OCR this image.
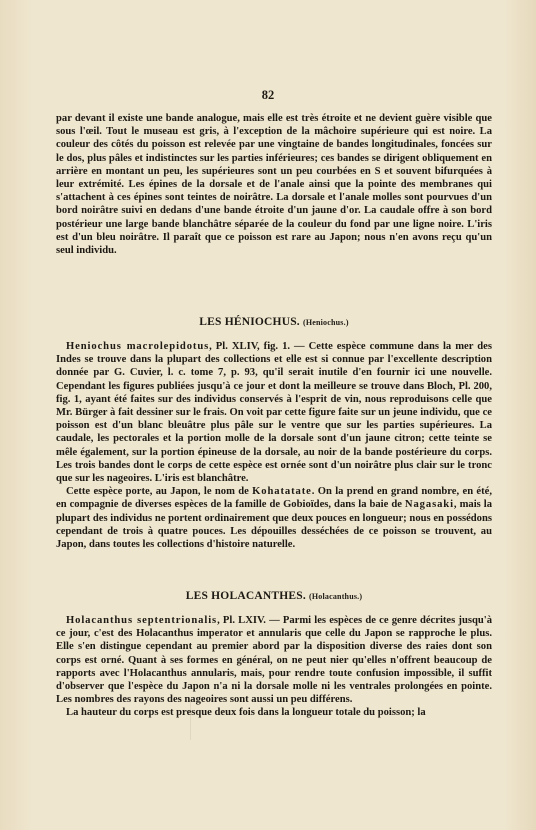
82

par devant il existe une bande analogue, mais elle est très étroite et ne devient guère visible que sous l'œil. Tout le museau est gris, à l'exception de la mâchoire supérieure qui est noire. La couleur des côtés du poisson est relevée par une vingtaine de bandes longitudinales, foncées sur le dos, plus pâles et indistinctes sur les parties inférieures; ces bandes se dirigent obliquement en arrière en montant un peu, les supérieures sont un peu courbées en S et souvent bifurquées à leur extrémité. Les épines de la dorsale et de l'anale ainsi que la pointe des membranes qui s'attachent à ces épines sont teintes de noirâtre. La dorsale et l'anale molles sont pourvues d'un bord noirâtre suivi en dedans d'une bande étroite d'un jaune d'or. La caudale offre à son bord postérieur une large bande blanchâtre séparée de la couleur du fond par une ligne noire. L'iris est d'un bleu noirâtre. Il paraît que ce poisson est rare au Japon; nous n'en avons reçu qu'un seul individu.

LES HÉNIOCHUS. (Heniochus.)

Heniochus macrolepidotus, Pl. XLIV, fig. 1. — Cette espèce commune dans la mer des Indes se trouve dans la plupart des collections et elle est si connue par l'excellente description donnée par G. Cuvier, l. c. tome 7, p. 93, qu'il serait inutile d'en fournir ici une nouvelle. Cependant les figures publiées jusqu'à ce jour et dont la meilleure se trouve dans Bloch, Pl. 200, fig. 1, ayant été faites sur des individus conservés à l'esprit de vin, nous reproduisons celle que Mr. Bürger à fait dessiner sur le frais. On voit par cette figure faite sur un jeune individu, que ce poisson est d'un blanc bleuâtre plus pâle sur le ventre que sur les parties supérieures. La caudale, les pectorales et la portion molle de la dorsale sont d'un jaune citron; cette teinte se mêle également, sur la portion épineuse de la dorsale, au noir de la bande postérieure du corps. Les trois bandes dont le corps de cette espèce est ornée sont d'un noirâtre plus clair sur le tronc que sur les nageoires. L'iris est blanchâtre.

Cette espèce porte, au Japon, le nom de Kohatatate. On la prend en grand nombre, en été, en compagnie de diverses espèces de la famille de Gobioïdes, dans la baie de Nagasaki, mais la plupart des individus ne portent ordinairement que deux pouces en longueur; nous en possédons cependant de trois à quatre pouces. Les dépouilles desséchées de ce poisson se trouvent, au Japon, dans toutes les collections d'histoire naturelle.

LES HOLACANTHES. (Holacanthus.)

Holacanthus septentrionalis, Pl. LXIV. — Parmi les espèces de ce genre décrites jusqu'à ce jour, c'est des Holacanthus imperator et annularis que celle du Japon se rapproche le plus. Elle s'en distingue cependant au premier abord par la disposition diverse des raies dont son corps est orné. Quant à ses formes en général, on ne peut nier qu'elles n'offrent beaucoup de rapports avec l'Holacanthus annularis, mais, pour rendre toute confusion impossible, il suffit d'observer que l'espèce du Japon n'a ni la dorsale molle ni les ventrales prolongées en pointe. Les nombres des rayons des nageoires sont aussi un peu différens.

La hauteur du corps est presque deux fois dans la longueur totale du poisson; la
